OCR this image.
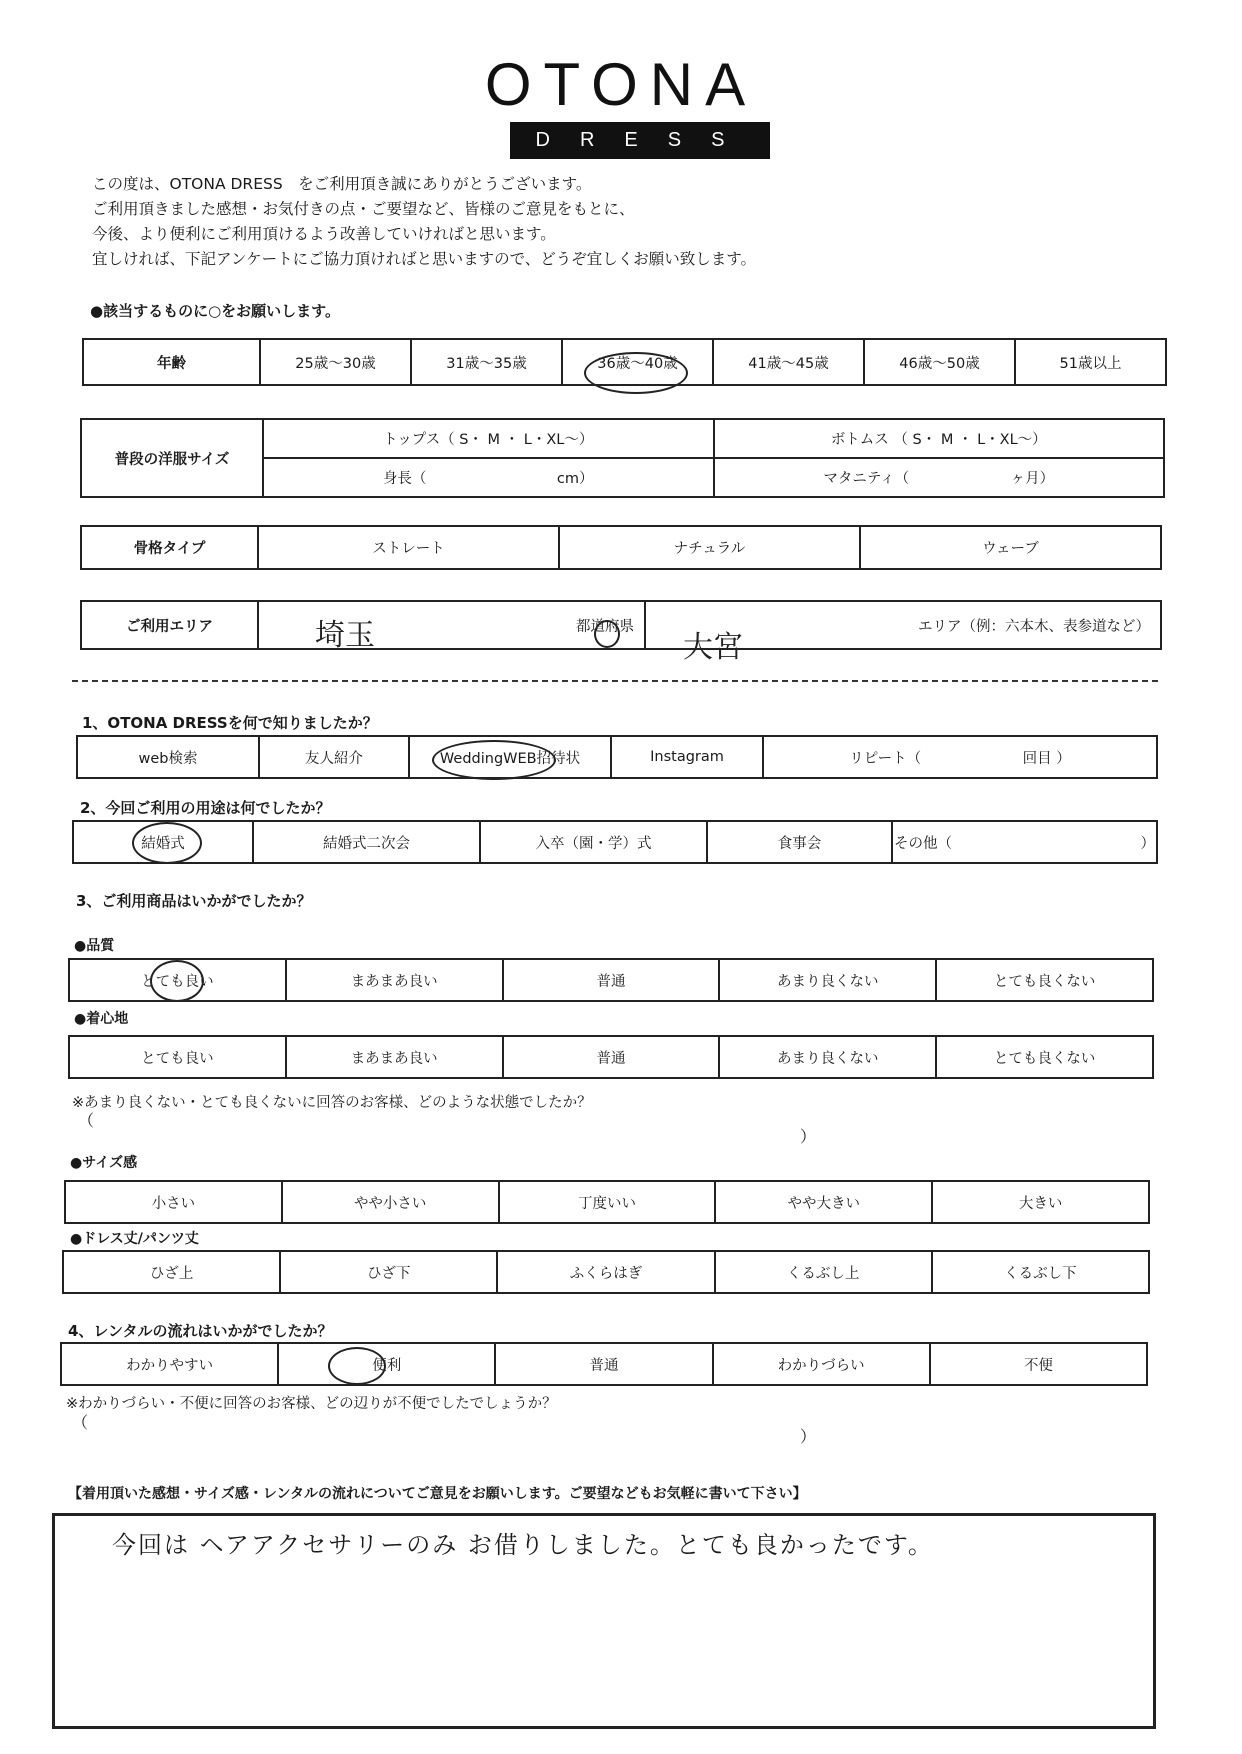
OTONA
DRESS
この度は、OTONA DRESS　をご利用頂き誠にありがとうございます。
ご利用頂きました感想・お気付きの点・ご要望など、皆様のご意見をもとに、
今後、より便利にご利用頂けるよう改善していければと思います。
宜しければ、下記アンケートにご協力頂ければと思いますので、どうぞ宜しくお願い致します。
●該当するものに○をお願いします。
年齢	25歳〜30歳	31歳〜35歳	36歳〜40歳	41歳〜45歳	46歳〜50歳	51歳以上
普段の洋服サイズ	トップス（ S・ M ・ L・XL〜）	ボトムス （ S・ M ・ L・XL〜）
	身長（　　　　　　　　　cm）	マタニティ（　　　　　　　ヶ月）
骨格タイプ	ストレート	ナチュラル	ウェーブ
ご利用エリア	都道府県	エリア（例：六本木、表参道など）
埼玉	大宮
1、OTONA DRESSを何で知りましたか？
web検索	友人紹介	WeddingWEB招待状	Instagram	リピート（　　　　　　　回目 ）
2、今回ご利用の用途は何でしたか？
結婚式	結婚式二次会	入卒（園・学）式	食事会	その他（　　　　　　　　　　　　　）
3、ご利用商品はいかがでしたか？
●品質
とても良い	まあまあ良い	普通	あまり良くない	とても良くない
●着心地
とても良い	まあまあ良い	普通	あまり良くない	とても良くない
※あまり良くない・とても良くないに回答のお客様、どのような状態でしたか？
（
）
●サイズ感
小さい	やや小さい	丁度いい	やや大きい	大きい
●ドレス丈/パンツ丈
ひざ上	ひざ下	ふくらはぎ	くるぶし上	くるぶし下
4、レンタルの流れはいかがでしたか？
わかりやすい	便利	普通	わかりづらい	不便
※わかりづらい・不便に回答のお客様、どの辺りが不便でしたでしょうか？
（
）
【着用頂いた感想・サイズ感・レンタルの流れについてご意見をお願いします。ご要望などもお気軽に書いて下さい】
今回は ヘアアクセサリーのみ お借りしました。とても良かったです。
